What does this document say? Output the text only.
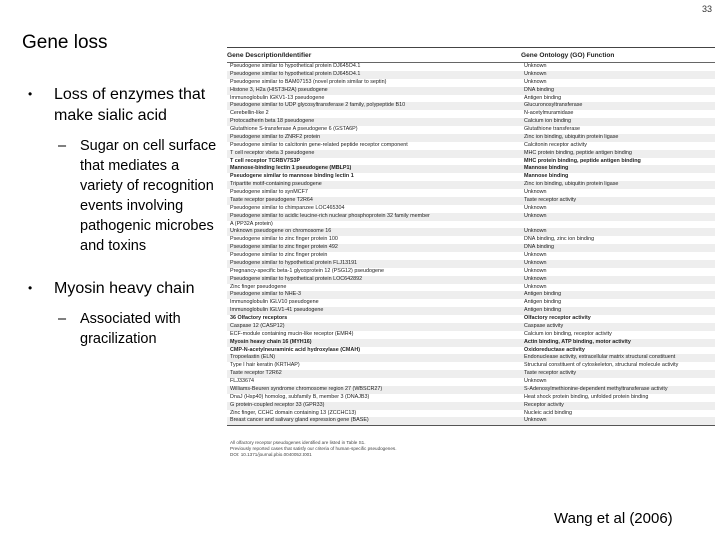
33
Gene loss
•	Loss of enzymes that make sialic acid
– Sugar on cell surface that mediates a variety of recognition events involving pathogenic microbes and toxins
•	Myosin heavy chain
– Associated with gracilization
Gene Description/Identifier	Gene Ontology (GO) Function
Pseudogene similar to hypothetical protein DJ645O4.1	Unknown
Pseudogene similar to hypothetical protein DJ645O4.1	Unknown
Pseudogene similar to BAM07153 (novel protein similar to septin)	Unknown
Histone 3, H2a (HIST3H2A) pseudogene	DNA binding
Immunoglobulin IGKV1-13 pseudogene	Antigen binding
Pseudogene similar to UDP glycosyltransferase 2 family, polypeptide B10	Glucuronosyltransferase
Cerebellin-like 2	N-acetylmuramidase
Protocadherin beta 18 pseudogene	Calcium ion binding
Glutathione S-transferase A pseudogene 6 (GSTA6P)	Glutathione transferase
Pseudogene similar to ZNRF2 protein	Zinc ion binding, ubiquitin protein ligase
Pseudogene similar to calcitonin gene-related peptide receptor component	Calcitonin receptor activity
T cell receptor vbeta 3 pseudogene	MHC protein binding, peptide antigen binding
T cell receptor TCRBV7S3P	MHC protein binding, peptide antigen binding
Mannose-binding lectin 1 pseudogene (MBLP1)	Mannose binding
Pseudogene similar to mannose binding lectin 1	Mannose binding
Tripartite motif-containing pseudogene	Zinc ion binding, ubiquitin protein ligase
Pseudogene similar to synMCF7	Unknown
Taste receptor pseudogene T2R64	Taste receptor activity
Pseudogene similar to chimpanzee LOC465304	Unknown
Pseudogene similar to acidic leucine-rich nuclear phosphoprotein 32 family member	Unknown
A (PP32A protein)
Unknown pseudogene on chromosome 16	Unknown
Pseudogene similar to zinc finger protein 100	DNA binding, zinc ion binding
Pseudogene similar to zinc finger protein 492	DNA binding
Pseudogene similar to zinc finger protein	Unknown
Pseudogene similar to hypothetical protein FLJ13191	Unknown
Pregnancy-specific beta-1 glycoprotein 12 (PSG12) pseudogene	Unknown
Pseudogene similar to hypothetical protein LOC642892	Unknown
Zinc finger pseudogene	Unknown
Pseudogene similar to NHE-3	Antigen binding
Immunoglobulin IGLV10 pseudogene	Antigen binding
Immunoglobulin IGLV1-41 pseudogene	Antigen binding
36 Olfactory receptors	Olfactory receptor activity
Caspase 12 (CASP12)	Caspase activity
ECF-module containing mucin-like receptor (EMR4)	Calcium ion binding, receptor activity
Myosin heavy chain 16 (MYH16)	Actin binding, ATP binding, motor activity
CMP-N-acetylneuraminic acid hydroxylase (CMAH)	Oxidoreductase activity
Tropoelastin (ELN)	Endonuclease activity, extracellular matrix structural constituent
Type I hair keratin (KRTHAP)	Structural constituent of cytoskeleton, structural molecule activity
Taste receptor T2R62	Taste receptor activity
FLJ33674	Unknown
Williams-Beuren syndrome chromosome region 27 (WBSCR27)	S-Adenosylmethionine-dependent methyltransferase activity
DnaJ (Hsp40) homolog, subfamily B, member 3 (DNAJB3)	Heat shock protein binding, unfolded protein binding
G protein-coupled receptor 33 (GPR33)	Receptor activity
Zinc finger, CCHC domain containing 13 (ZCCHC13)	Nucleic acid binding
Breast cancer and salivary gland expression gene (BASE)	Unknown
All olfactory receptor pseudogenes identified are listed in Table S1.
Previously reported cases that satisfy our criteria of human-specific pseudogenes.
DOI: 10.1371/journal.pbio.0040052.t001
Wang et al (2006)
